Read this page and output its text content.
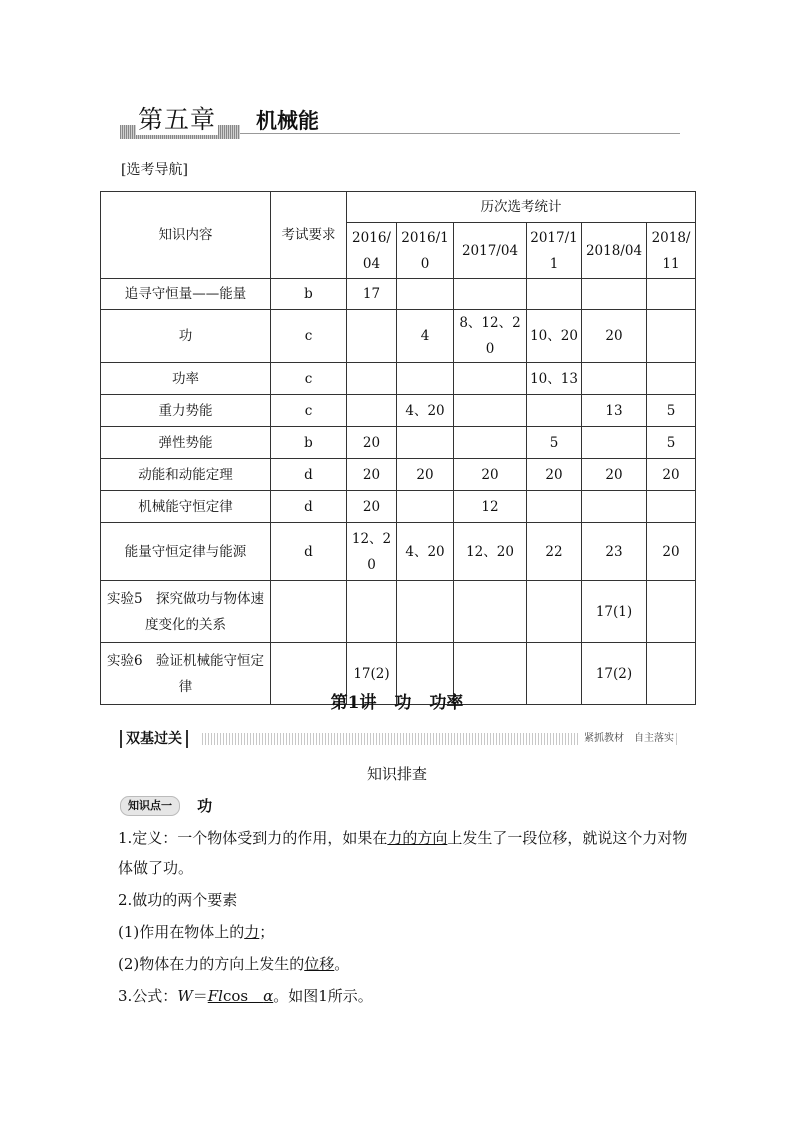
第五章 机械能
[选考导航]
知识内容	考试要求	历次选考统计					
		2016/04	2016/10	2017/04	2017/11	2018/04	2018/11
追寻守恒量——能量	b	17					
功	c		4	8、12、20	10、20	20	
功率	c				10、13		
重力势能	c		4、20			13	5
弹性势能	b	20			5		5
动能和动能定理	d	20	20	20	20	20	20
机械能守恒定律	d	20		12			
能量守恒定律与能源	d	12、20	4、20	12、20	22	23	20
实验5　探究做功与物体速度变化的关系						17(1)	
实验6　验证机械能守恒定律		17(2)				17(2)	
第1讲 功 功率
双基过关	紧抓教材　自主落实
知识排查
知识点一 功
1.定义：一个物体受到力的作用，如果在力的方向上发生了一段位移，就说这个力对物体做了功。
2.做功的两个要素
(1)作用在物体上的力；
(2)物体在力的方向上发生的位移。
3.公式：W＝Flcos　α。如图1所示。
